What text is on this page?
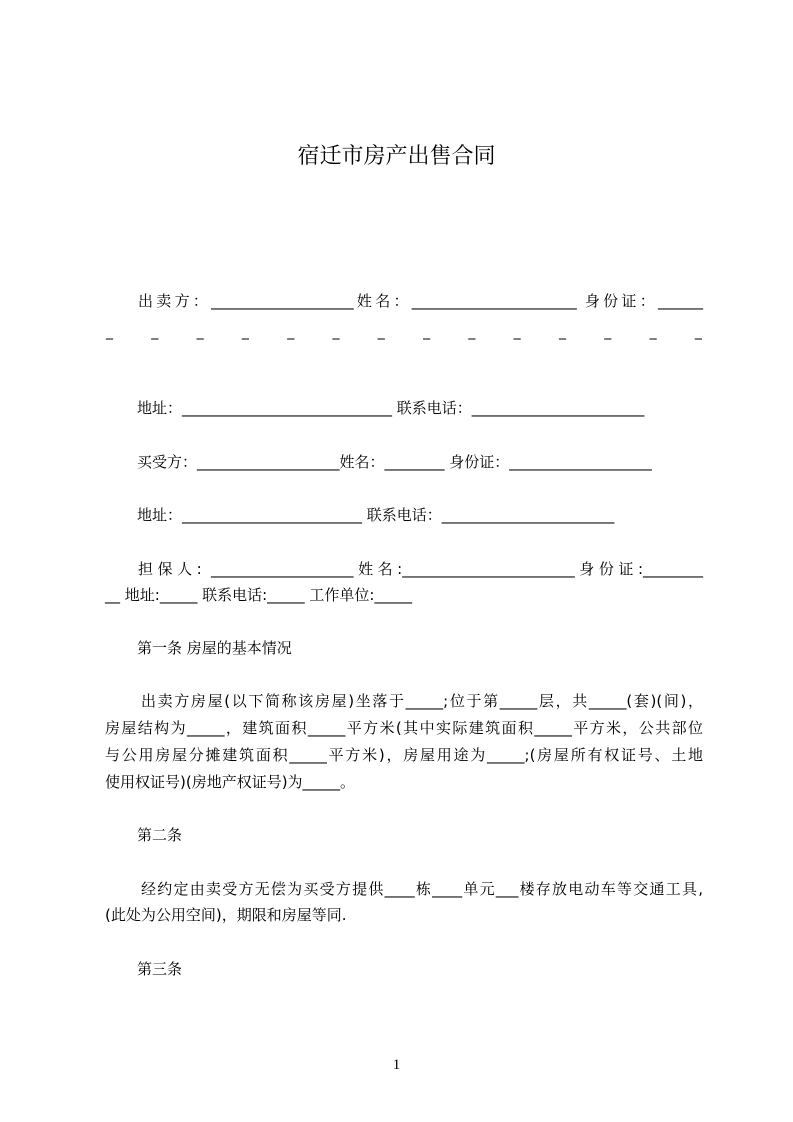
宿迁市房产出售合同
出卖方：___________________姓名：______________________ 身份证：______
_	_	_	_	_	_	_	_	_	_	_	_	_	_
地址：____________________________ 联系电话：_______________________
买受方：___________________姓名：________ 身份证：___________________
地址：________________________ 联系电话：_______________________
担保人: ___________________姓名:_______________________身份证:________
__ 地址:_____ 联系电话:_____ 工作单位:_____
第一条 房屋的基本情况
出卖方房屋(以下简称该房屋)坐落于_____;位于第_____层，共_____(套)(间)，
房屋结构为_____，建筑面积_____平方米(其中实际建筑面积_____平方米，公共部位
与公用房屋分摊建筑面积_____平方米)，房屋用途为_____;(房屋所有权证号、土地
使用权证号)(房地产权证号)为_____。
第二条
经约定由卖受方无偿为买受方提供____栋____单元___楼存放电动车等交通工具,
(此处为公用空间)，期限和房屋等同.
第三条
1
